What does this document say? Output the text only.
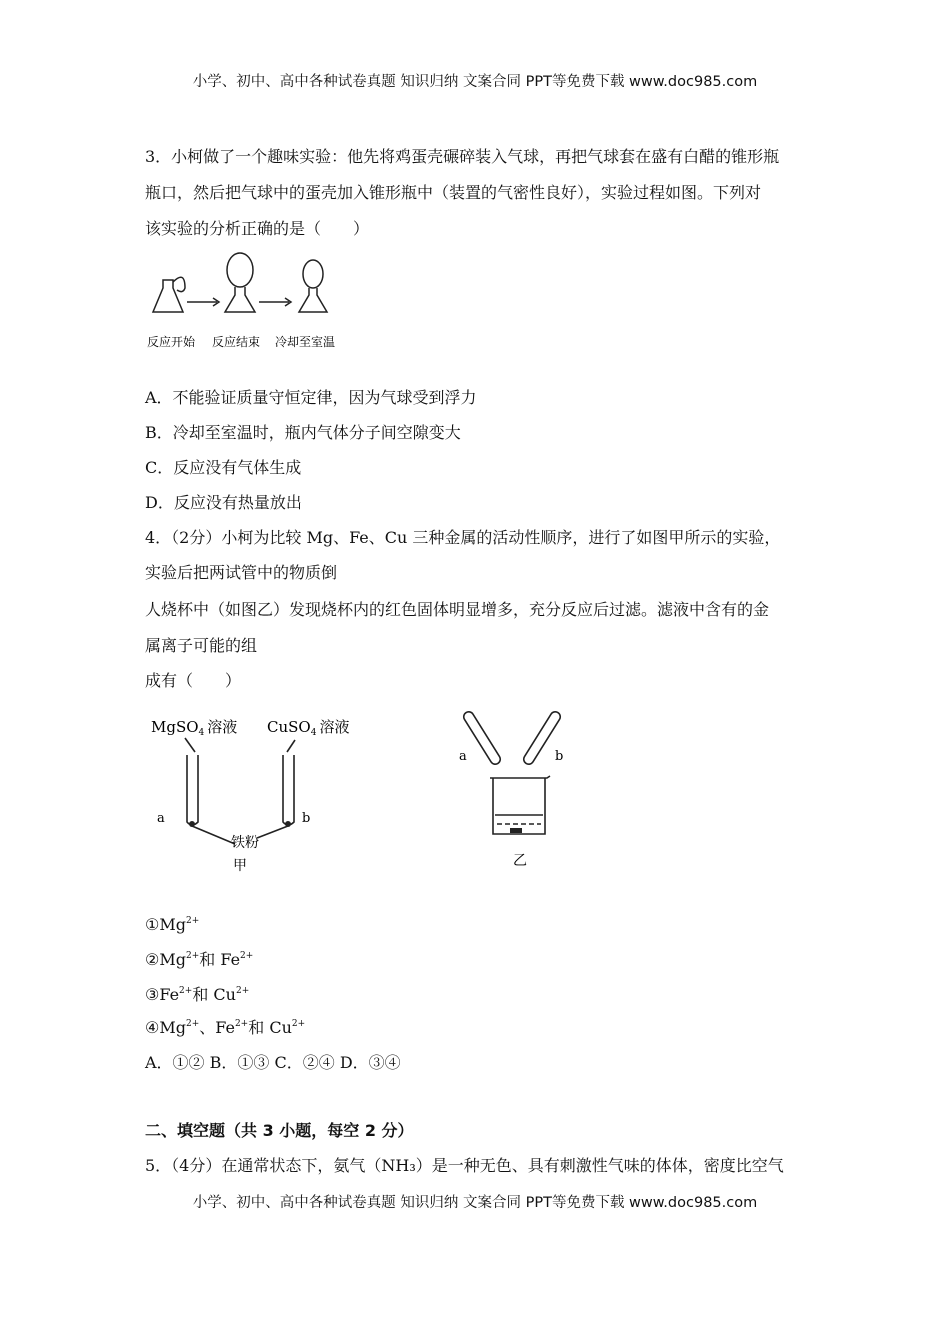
小学、初中、高中各种试卷真题 知识归纳 文案合同 PPT等免费下载 www.doc985.com
3．小柯做了一个趣味实验：他先将鸡蛋壳碾碎装入气球，再把气球套在盛有白醋的锥形瓶
瓶口，然后把气球中的蛋壳加入锥形瓶中（装置的气密性良好），实验过程如图。下列对
该实验的分析正确的是（　　）
反应开始 反应结束 冷却至室温
A．不能验证质量守恒定律，因为气球受到浮力
B．冷却至室温时，瓶内气体分子间空隙变大
C．反应没有气体生成
D．反应没有热量放出
4．（2分）小柯为比较 Mg、Fe、Cu 三种金属的活动性顺序，进行了如图甲所示的实验，
实验后把两试管中的物质倒
人烧杯中（如图乙）发现烧杯内的红色固体明显增多，充分反应后过滤。滤液中含有的金
属离子可能的组
成有（　　）
MgSO$_4$ 溶液 CuSO$_4$ 溶液
a	b
铁粉
甲
a	b
乙
$①Mg^{2+}$
$②Mg^{2+}$和 $Fe^{2+}$
$③Fe^{2+}$和 $Cu^{2+}$
$④Mg^{2+}$、$Fe^{2+}$和 $Cu^{2+}$
A．①② B．①③ C．②④ D．③④
二、填空题（共 3 小题，每空 2 分）
5．（4分）在通常状态下，氨气（NH₃）是一种无色、具有刺激性气味的体体，密度比空气
小学、初中、高中各种试卷真题 知识归纳 文案合同 PPT等免费下载 www.doc985.com
